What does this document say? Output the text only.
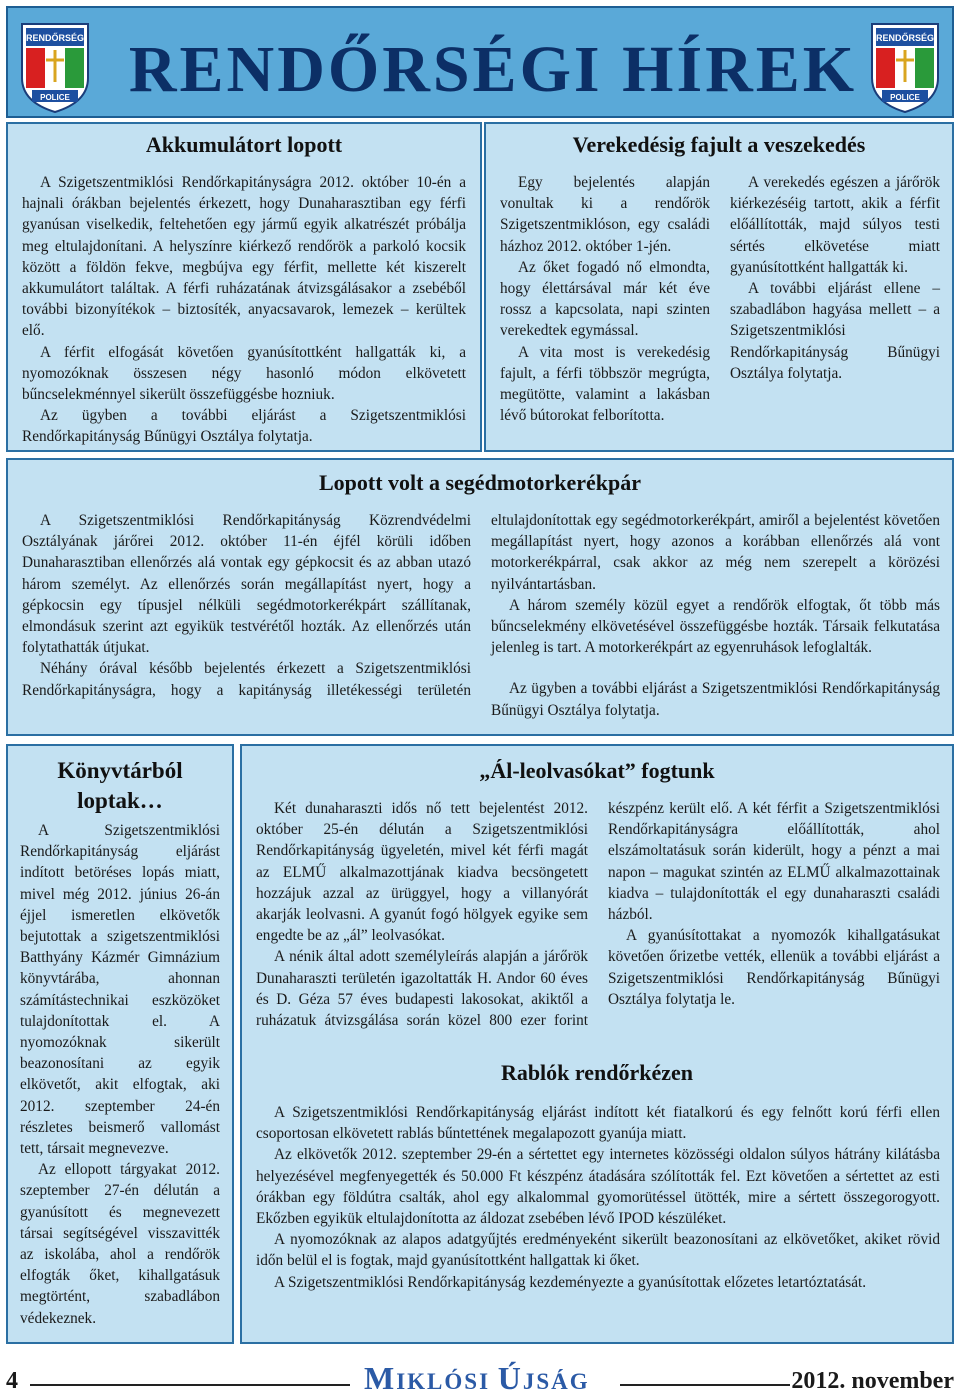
RENDŐRSÉG
POLICE RENDŐRSÉGI HÍREK	RENDŐRSÉG
POLICE
Akkumulátort lopott

A Szigetszentmiklósi Rendőrkapitányságra 2012. október 10-én a hajnali órákban bejelentés érkezett, hogy Dunaharasztiban egy férfi gyanúsan viselkedik, feltehetően egy jármű egyik alkatrészét próbálja meg eltulajdonítani. A helyszínre kiérkező rendőrök a parkoló kocsik között a földön fekve, megbújva egy férfit, mellette két kiszerelt akkumulátort találtak. A férfi ruházatának átvizsgálásakor a zsebéből további bizonyítékok – biztosíték, anyacsavarok, lemezek – kerültek elő.

A férfit elfogását követően gyanúsítottként hallgatták ki, a nyomozóknak összesen négy hasonló módon elkövetett bűncselekménnyel sikerült összefüggésbe hozniuk.

Az ügyben a további eljárást a Szigetszentmiklósi Rendőrkapitányság Bűnügyi Osztálya folytatja.

Verekedésig fajult a veszekedés

Egy bejelentés alapján vonultak ki a rendőrök Szigetszentmiklóson, egy családi házhoz 2012. október 1-jén.

Az őket fogadó nő elmondta, hogy élettársával már két éve rossz a kapcsolata, napi szinten verekedtek egymással.

A vita most is verekedésig fajult, a férfi többször megrúgta, megütötte, valamint a lakásban lévő bútorokat felborította.

A verekedés egészen a járőrök kiérkezéséig tartott, akik a férfit előállították, majd súlyos testi sértés elkövetése miatt gyanúsítottként hallgatták ki.

A további eljárást ellene – szabadlábon hagyása mellett – a Szigetszentmiklósi Rendőrkapitányság Bűnügyi Osztálya folytatja.

Lopott volt a segédmotorkerékpár

A Szigetszentmiklósi Rendőrkapitányság Közrendvédelmi Osztályának járőrei 2012. október 11-én éjfél körüli időben Dunaharasztiban ellenőrzés alá vontak egy gépkocsit és az abban utazó három személyt. Az ellenőrzés során megállapítást nyert, hogy a gépkocsin egy típusjel nélküli segédmotorkerékpárt szállítanak, elmondásuk szerint azt egyikük testvérétől hozták. Az ellenőrzés után folytathatták útjukat.

Néhány órával később bejelentés érkezett a Szigetszentmiklósi Rendőrkapitányságra, hogy a kapitányság illetékességi területén eltulajdonítottak egy segédmotorkerékpárt, amiről a bejelentést követően megállapítást nyert, hogy azonos a korábban ellenőrzés alá vont motorkerékpárral, csak akkor az még nem szerepelt a körözési nyilvántartásban.

A három személy közül egyet a rendőrök elfogtak, őt több más bűncselekmény elkövetésével összefüggésbe hozták. Társaik felkutatása jelenleg is tart. A motorkerékpárt az egyenruhások lefoglalták.

Az ügyben a további eljárást a Szigetszentmiklósi Rendőrkapitányság Bűnügyi Osztálya folytatja.

Könyvtárból
loptak…

A Szigetszentmiklósi Rendőrkapitányság eljárást indított betöréses lopás miatt, mivel még 2012. június 26-án éjjel ismeretlen elkövetők bejutottak a szigetszentmiklósi Batthyány Kázmér Gimnázium könyvtárába, ahonnan számítástechnikai eszközöket tulajdonítottak el. A nyomozóknak sikerült beazonosítani az egyik elkövetőt, akit elfogtak, aki 2012. szeptember 24-én részletes beismerő vallomást tett, társait megnevezve.

Az ellopott tárgyakat 2012. szeptember 27-én délután a gyanúsított és megnevezett társai segítségével visszavitték az iskolába, ahol a rendőrök elfogták őket, kihallgatásuk megtörtént, szabadlábon védekeznek.

„Ál-leolvasókat” fogtunk

Két dunaharaszti idős nő tett bejelentést 2012. október 25-én délután a Szigetszentmiklósi Rendőrkapitányság ügyeletén, mivel két férfi magát az ELMŰ alkalmazottjának kiadva becsöngetett hozzájuk azzal az ürüggyel, hogy a villanyórát akarják leolvasni. A gyanút fogó hölgyek egyike sem engedte be az „ál” leolvasókat.

A nénik által adott személyleírás alapján a járőrök Dunaharaszti területén igazoltatták H. Andor 60 éves és D. Géza 57 éves budapesti lakosokat, akiktől a ruházatuk átvizsgálása során közel 800 ezer forint készpénz került elő. A két férfit a Szigetszentmiklósi Rendőrkapitányságra előállították, ahol elszámoltatásuk során kiderült, hogy a pénzt a mai napon – magukat szintén az ELMŰ alkalmazottainak kiadva – tulajdonították el egy dunaharaszti családi házból.

A gyanúsítottakat a nyomozók kihallgatásukat követően őrizetbe vették, ellenük a további eljárást a Szigetszentmiklósi Rendőrkapitányság Bűnügyi Osztálya folytatja le.

Rablók rendőrkézen

A Szigetszentmiklósi Rendőrkapitányság eljárást indított két fiatalkorú és egy felnőtt korú férfi ellen csoportosan elkövetett rablás bűntettének megalapozott gyanúja miatt.

Az elkövetők 2012. szeptember 29-én a sértettet egy internetes közösségi oldalon súlyos hátrány kilátásba helyezésével megfenyegették és 50.000 Ft készpénz átadására szólították fel. Ezt követően a sértettet az esti órákban egy földútra csalták, ahol egy alkalommal gyomorütéssel ütötték, mire a sértett összegorogyott. Ekőzben egyikük eltulajdonította az áldozat zsebében lévő IPOD készüléket.

A nyomozóknak az alapos adatgyűjtés eredményeként sikerült beazonosítani az elkövetőket, akiket rövid időn belül el is fogtak, majd gyanúsítottként hallgattak ki őket.

A Szigetszentmiklósi Rendőrkapitányság kezdeményezte a gyanúsítottak előzetes letartóztatását.

4	MIKLÓSI ÚJSÁG	2012. november
